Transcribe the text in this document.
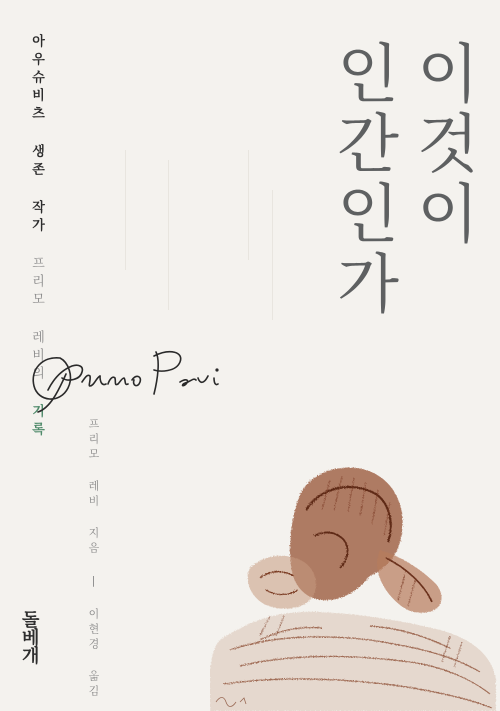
아우슈비츠 생존 작가 프리모 레비의 기록
이것이
인간인가
프리모 레비 지음 | 이현경 옮김
돌
베
개
